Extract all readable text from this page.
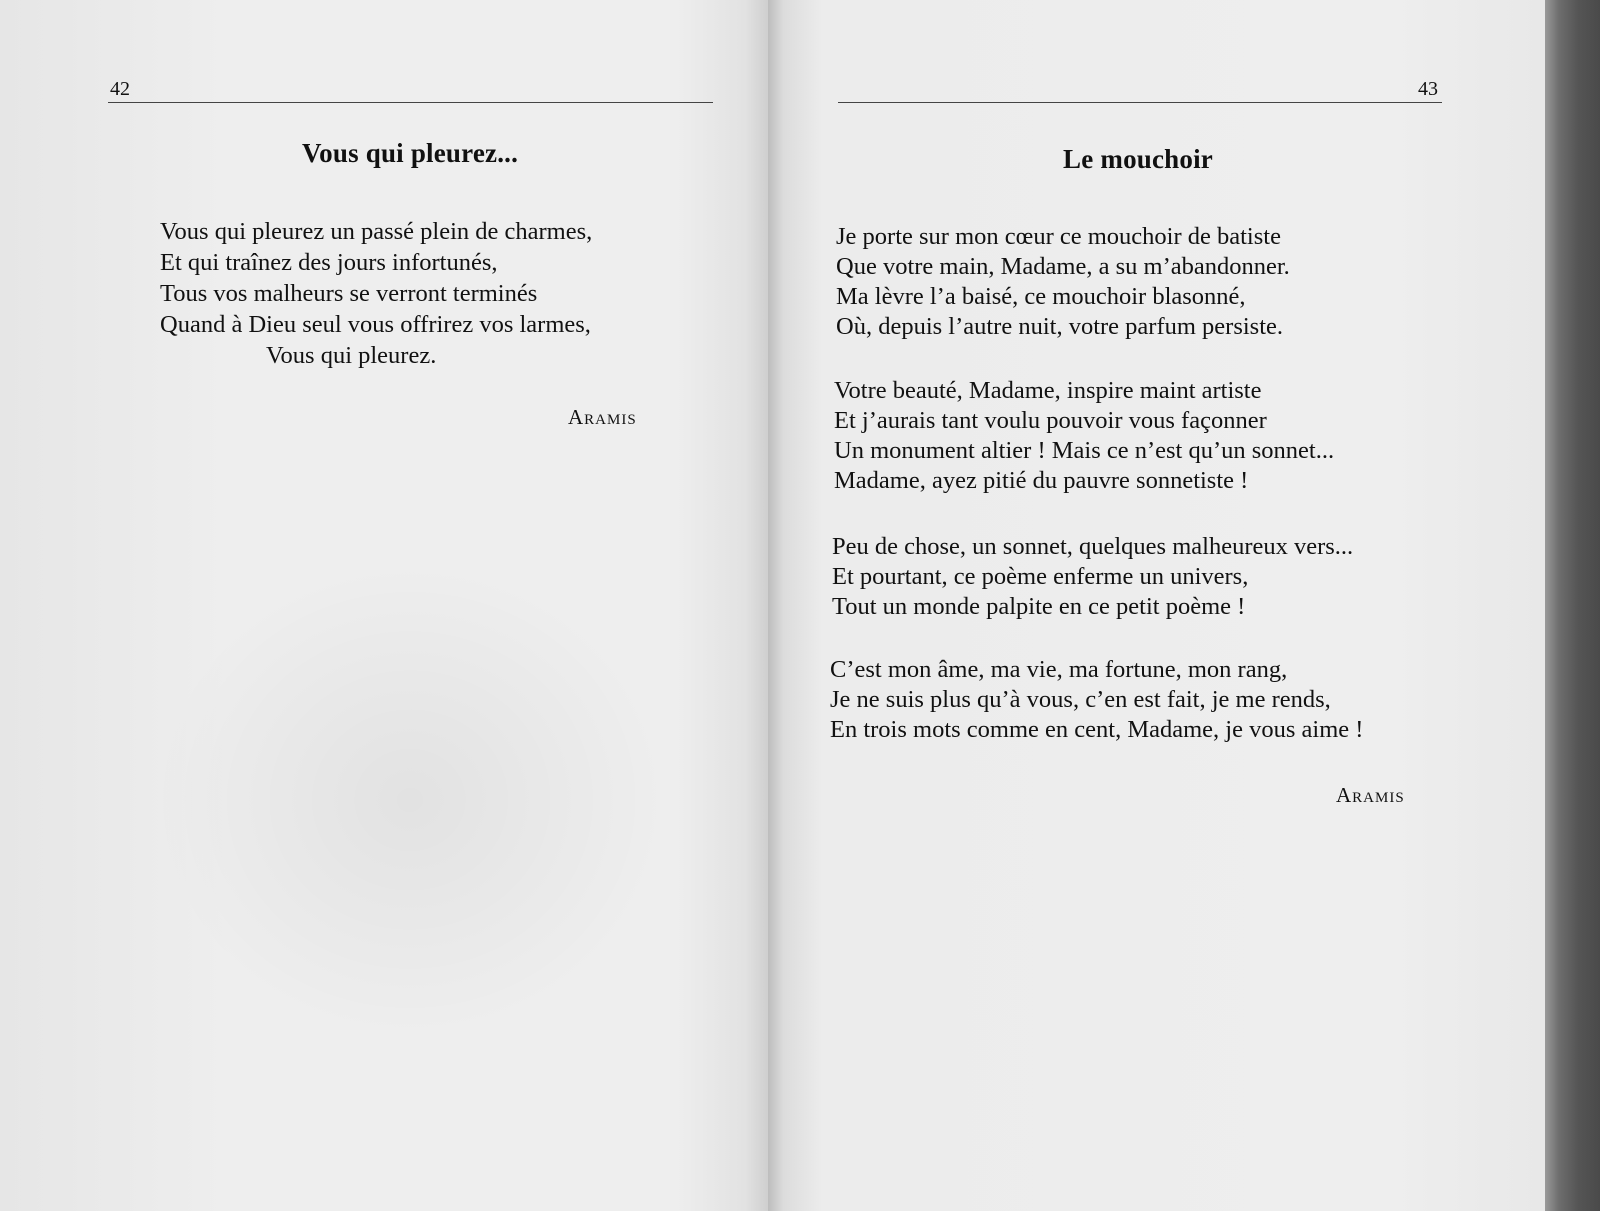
42
Vous qui pleurez...
Vous qui pleurez un passé plein de charmes,
Et qui traînez des jours infortunés,
Tous vos malheurs se verront terminés
Quand à Dieu seul vous offrirez vos larmes,
Vous qui pleurez.
Aramis
43
Le mouchoir
Je porte sur mon cœur ce mouchoir de batiste
Que votre main, Madame, a su m’abandonner.
Ma lèvre l’a baisé, ce mouchoir blasonné,
Où, depuis l’autre nuit, votre parfum persiste.
Votre beauté, Madame, inspire maint artiste
Et j’aurais tant voulu pouvoir vous façonner
Un monument altier ! Mais ce n’est qu’un sonnet...
Madame, ayez pitié du pauvre sonnetiste !
Peu de chose, un sonnet, quelques malheureux vers...
Et pourtant, ce poème enferme un univers,
Tout un monde palpite en ce petit poème !
C’est mon âme, ma vie, ma fortune, mon rang,
Je ne suis plus qu’à vous, c’en est fait, je me rends,
En trois mots comme en cent, Madame, je vous aime !
Aramis
